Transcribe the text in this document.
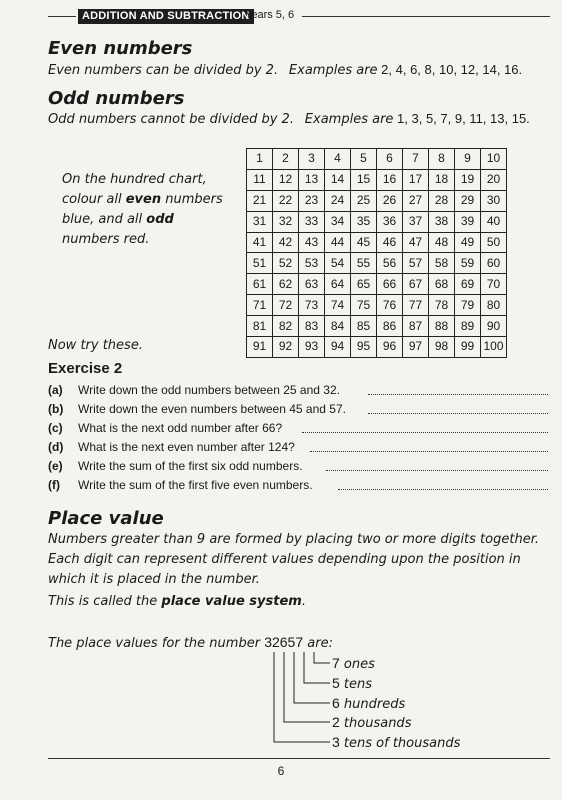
ADDITION AND SUBTRACTION
Years 5, 6
Even numbers
Even numbers can be divided by 2. Examples are 2, 4, 6, 8, 10, 12, 14, 16.
Odd numbers
Odd numbers cannot be divided by 2. Examples are 1, 3, 5, 7, 9, 11, 13, 15.
On the hundred chart,
colour all even numbers
blue, and all odd
numbers red.
1	2	3	4	5	6	7	8	9	10
11	12	13	14	15	16	17	18	19	20
21	22	23	24	25	26	27	28	29	30
31	32	33	34	35	36	37	38	39	40
41	42	43	44	45	46	47	48	49	50
51	52	53	54	55	56	57	58	59	60
61	62	63	64	65	66	67	68	69	70
71	72	73	74	75	76	77	78	79	80
81	82	83	84	85	86	87	88	89	90
91	92	93	94	95	96	97	98	99	100
Now try these.
Exercise 2
(a) Write down the odd numbers between 25 and 32.
(b) Write down the even numbers between 45 and 57.
(c) What is the next odd number after 66?
(d) What is the next even number after 124?
(e) Write the sum of the first six odd numbers.
(f) Write the sum of the first five even numbers.
Place value
Numbers greater than 9 are formed by placing two or more digits together.
Each digit can represent different values depending upon the position in
which it is placed in the number.
This is called the place value system.
The place values for the number 32657 are:
7 ones
5 tens
6 hundreds
2 thousands
3 tens of thousands
6
